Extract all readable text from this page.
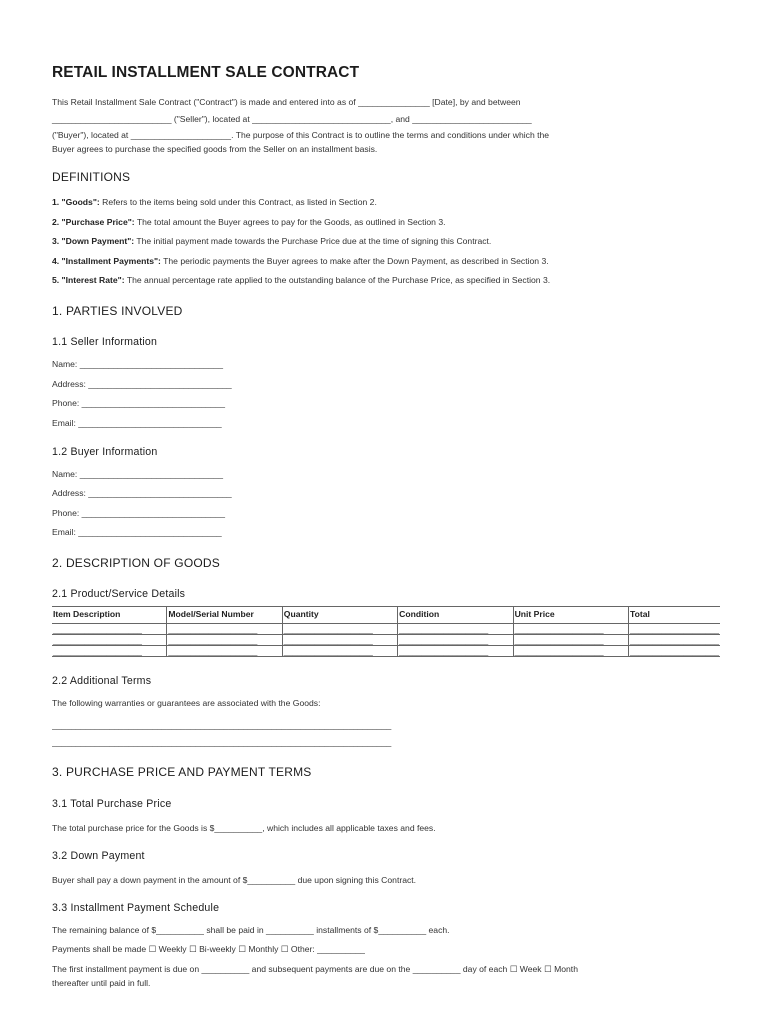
RETAIL INSTALLMENT SALE CONTRACT
This Retail Installment Sale Contract ("Contract") is made and entered into as of _______________ [Date], by and between
_________________________ ("Seller"), located at _____________________________, and _________________________
("Buyer"), located at _____________________. The purpose of this Contract is to outline the terms and conditions under which the
Buyer agrees to purchase the specified goods from the Seller on an installment basis.
DEFINITIONS

1. "Goods": Refers to the items being sold under this Contract, as listed in Section 2.

2. "Purchase Price": The total amount the Buyer agrees to pay for the Goods, as outlined in Section 3.

3. "Down Payment": The initial payment made towards the Purchase Price due at the time of signing this Contract.

4. "Installment Payments": The periodic payments the Buyer agrees to make after the Down Payment, as described in Section 3.

5. "Interest Rate": The annual percentage rate applied to the outstanding balance of the Purchase Price, as specified in Section 3.

1. PARTIES INVOLVED
1.1 Seller Information

Name: ______________________________

Address: ______________________________

Phone: ______________________________

Email: ______________________________

1.2 Buyer Information

Name: ______________________________

Address: ______________________________

Phone: ______________________________

Email: ______________________________

2. DESCRIPTION OF GOODS
2.1 Product/Service Details
Item Description	Model/Serial Number	Quantity	Condition	Unit Price	Total
____________________	____________________	____________________	____________________	____________________	____________________
____________________	____________________	____________________	____________________	____________________	____________________
____________________	____________________	____________________	____________________	____________________	____________________
2.2 Additional Terms

The following warranties or guarantees are associated with the Goods:

_______________________________________________________________________
_______________________________________________________________________
3. PURCHASE PRICE AND PAYMENT TERMS
3.1 Total Purchase Price

The total purchase price for the Goods is $__________, which includes all applicable taxes and fees.

3.2 Down Payment

Buyer shall pay a down payment in the amount of $__________ due upon signing this Contract.

3.3 Installment Payment Schedule

The remaining balance of $__________ shall be paid in __________ installments of $__________ each.

Payments shall be made ☐ Weekly ☐ Bi-weekly ☐ Monthly ☐ Other: __________

The first installment payment is due on __________ and subsequent payments are due on the __________ day of each ☐ Week ☐ Month

thereafter until paid in full.
